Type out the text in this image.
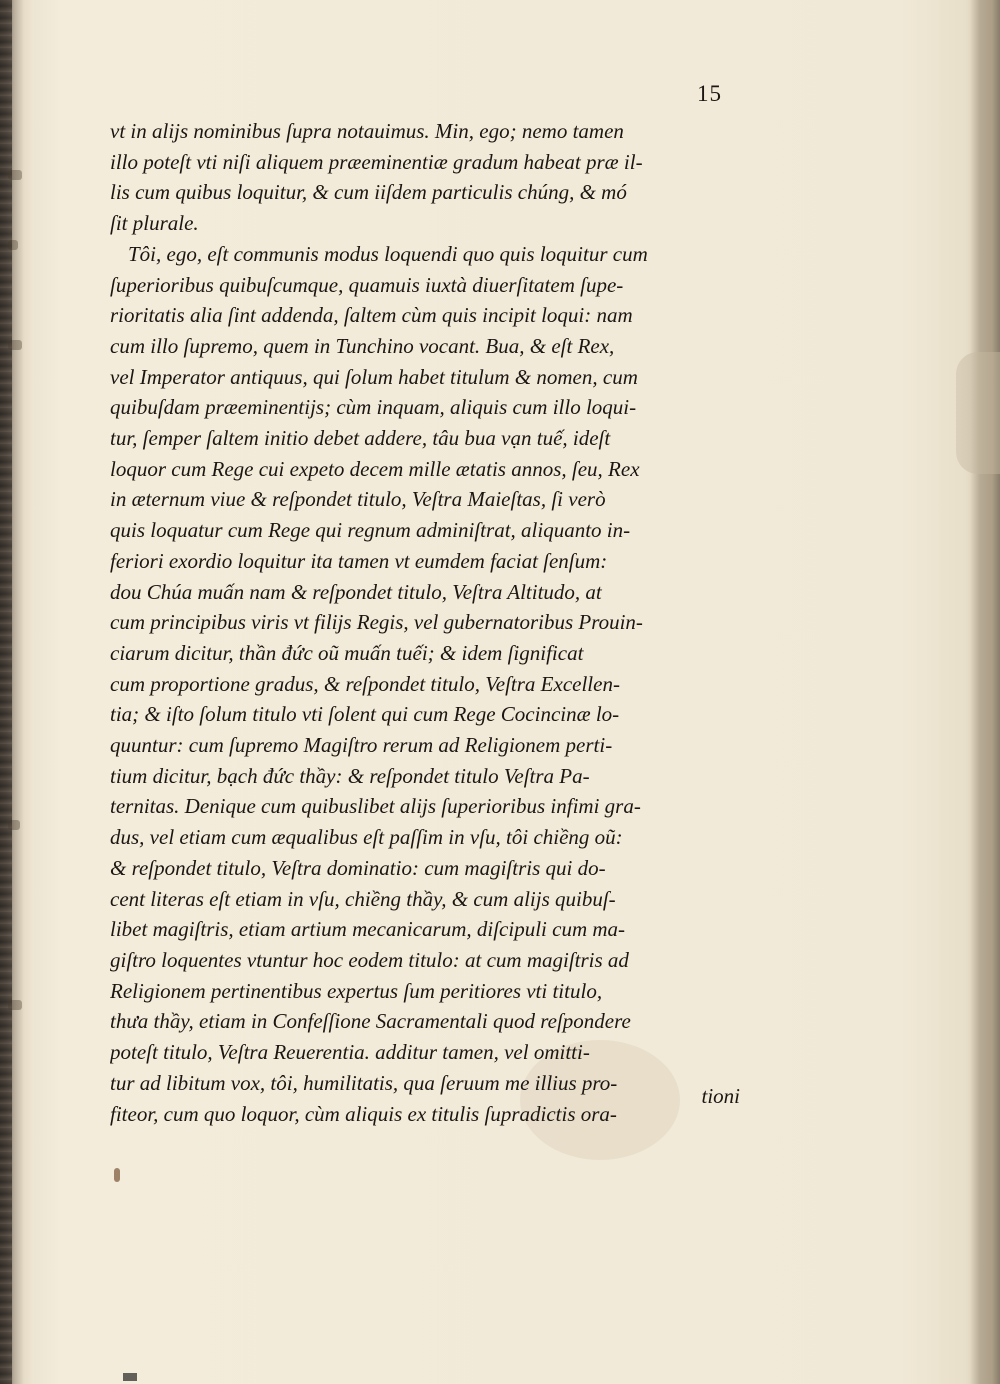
15
vt in aliјs nominibus ſupra notauimus. Min, ego; nemo tamen
illo poteſt vti niſi aliquem præeminentiæ gradum habeat præ il-
lis cum quibus loquitur, & cum iiſdem particulis chúng, & mó
ſit plurale.
Tôi, ego, eſt communis modus loquendi quo quis loquitur cum
ſuperioribus quibuſcumque, quamuis iuxtà diuerſitatem ſupe-
rioritatis alia ſint addenda, ſaltem cùm quis incipit loqui: nam
cum illo ſupremo, quem in Tunchino vocant. Bua, & eſt Rex,
vel Imperator antiquus, qui ſolum habet titulum & nomen, cum
quibuſdam præeminentiјs; cùm inquam, aliquis cum illo loqui-
tur, ſemper ſaltem initio debet addere, tâu bua vạn tuế, ideſt
loquor cum Rege cui expeto decem mille ætatis annos, ſeu, Rex
in æternum viue & reſpondet titulo, Veſtra Maieſtas, ſi verò
quis loquatur cum Rege qui regnum adminiſtrat, aliquanto in-
feriori exordio loquitur ita tamen vt eumdem faciat ſenſum:
dou Chúa muấn nam & reſpondet titulo, Veſtra Altitudo, at
cum principibus viris vt filiјs Regis, vel gubernatoribus Prouin-
ciarum dicitur, thần đức oũ muấn tuếi; & idem ſignificat
cum proportione gradus, & reſpondet titulo, Veſtra Excellen-
tia; & iſto ſolum titulo vti ſolent qui cum Rege Cocincinæ lo-
quuntur: cum ſupremo Magiſtro rerum ad Religionem perti-
tium dicitur, bạch đức thầy: & reſpondet titulo Veſtra Pa-
ternitas. Denique cum quibuslibet aliјs ſuperioribus infimi gra-
dus, vel etiam cum æqualibus eſt paſſim in vſu, tôi chiềng oũ:
& reſpondet titulo, Veſtra dominatio: cum magiſtris qui do-
cent literas eſt etiam in vſu, chiềng thầy, & cum aliјs quibuſ-
libet magiſtris, etiam artium mecanicarum, diſcipuli cum ma-
giſtro loquentes vtuntur hoc eodem titulo: at cum magiſtris ad
Religionem pertinentibus expertus ſum peritiores vti titulo,
thưa thầy, etiam in Confeſſione Sacramentali quod reſpondere
poteſt titulo, Veſtra Reuerentia. additur tamen, vel omitti-
tur ad libitum vox, tôi, humilitatis, qua ſeruum me illius pro-
fiteor, cum quo loquor, cùm aliquis ex titulis ſupradictis ora-
tioni
